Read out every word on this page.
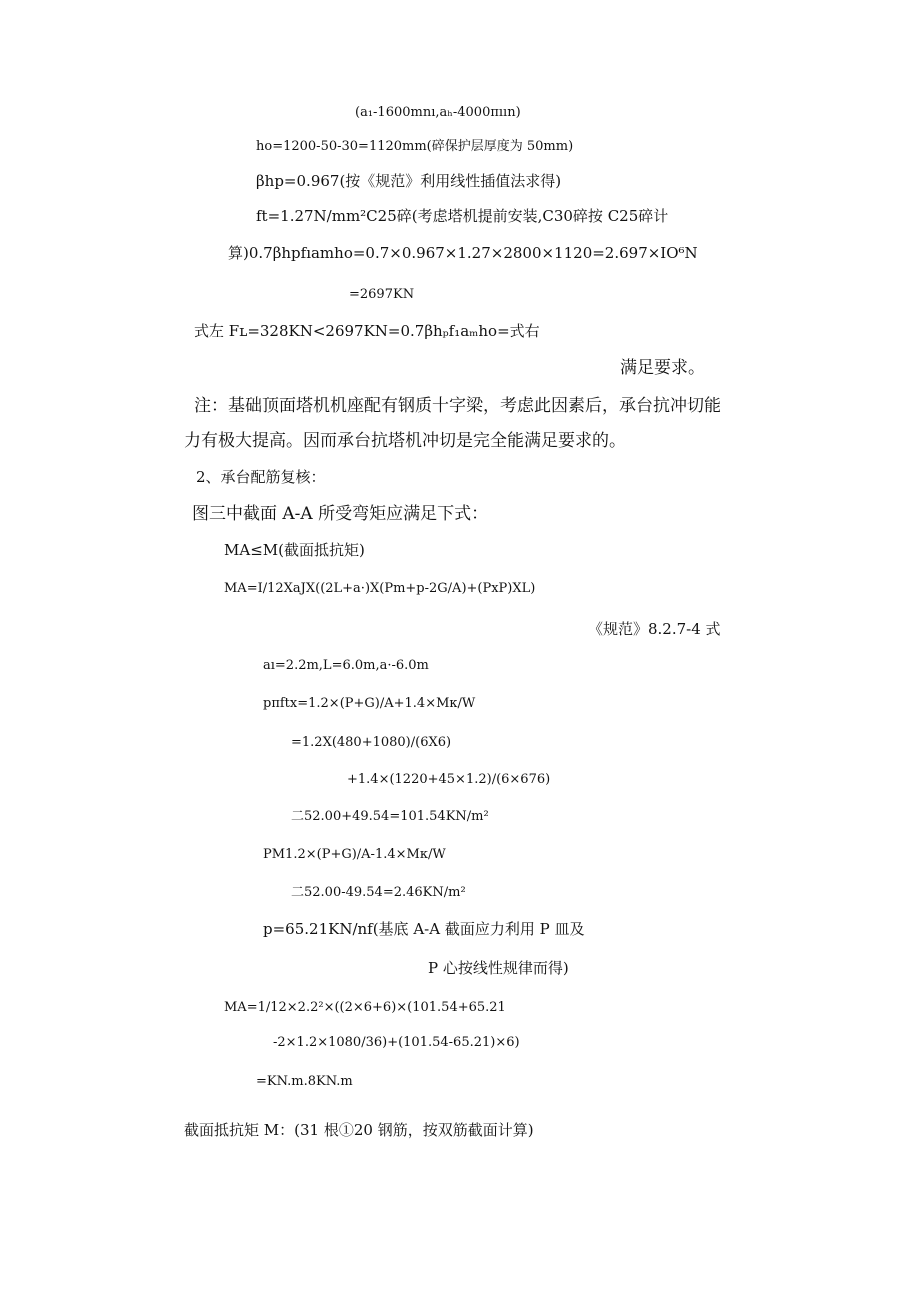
(a₁-1600mnı,aₕ-4000πıın)
ho=1200-50-30=1120mm(碎保护层厚度为 50mm)
βhp=0.967(按《规范》利用线性插值法求得)
ft=1.27N/mm²C25碎(考虑塔机提前安装,C30碎按 C25碎计
算)0.7βhpfıamho=0.7×0.967×1.27×2800×1120=2.697×IO⁶N
=2697KN
式左 Fʟ=328KN<2697KN=0.7βhₚf₁aₘho=式右
满足要求。
注：基础顶面塔机机座配有钢质十字梁，考虑此因素后，承台抗冲切能
力有极大提高。因而承台抗塔机冲切是完全能满足要求的。
2、承台配筋复核：
图三中截面 A-A 所受弯矩应满足下式：
MA≤M(截面抵抗矩)
MA=I/12XaJX((2L+a·)X(Pm+p-2G/A)+(PxP)XL)
《规范》8.2.7-4 式
aı=2.2m,L=6.0m,a·-6.0m
pπftx=1.2×(P+G)/A+1.4×Mκ/W
=1.2X(480+1080)/(6X6)
+1.4×(1220+45×1.2)/(6×676)
二52.00+49.54=101.54KN/m²
PM1.2×(P+G)/A-1.4×Mκ/W
二52.00-49.54=2.46KN/m²
p=65.21KN/nf(基底 A-A 截面应力利用 P 皿及
P 心按线性规律而得)
MA=1/12×2.2²×((2×6+6)×(101.54+65.21
-2×1.2×1080/36)+(101.54-65.21)×6)
=KN.m.8KN.m
截面抵抗矩 M：(31 根①20 钢筋，按双筋截面计算)
